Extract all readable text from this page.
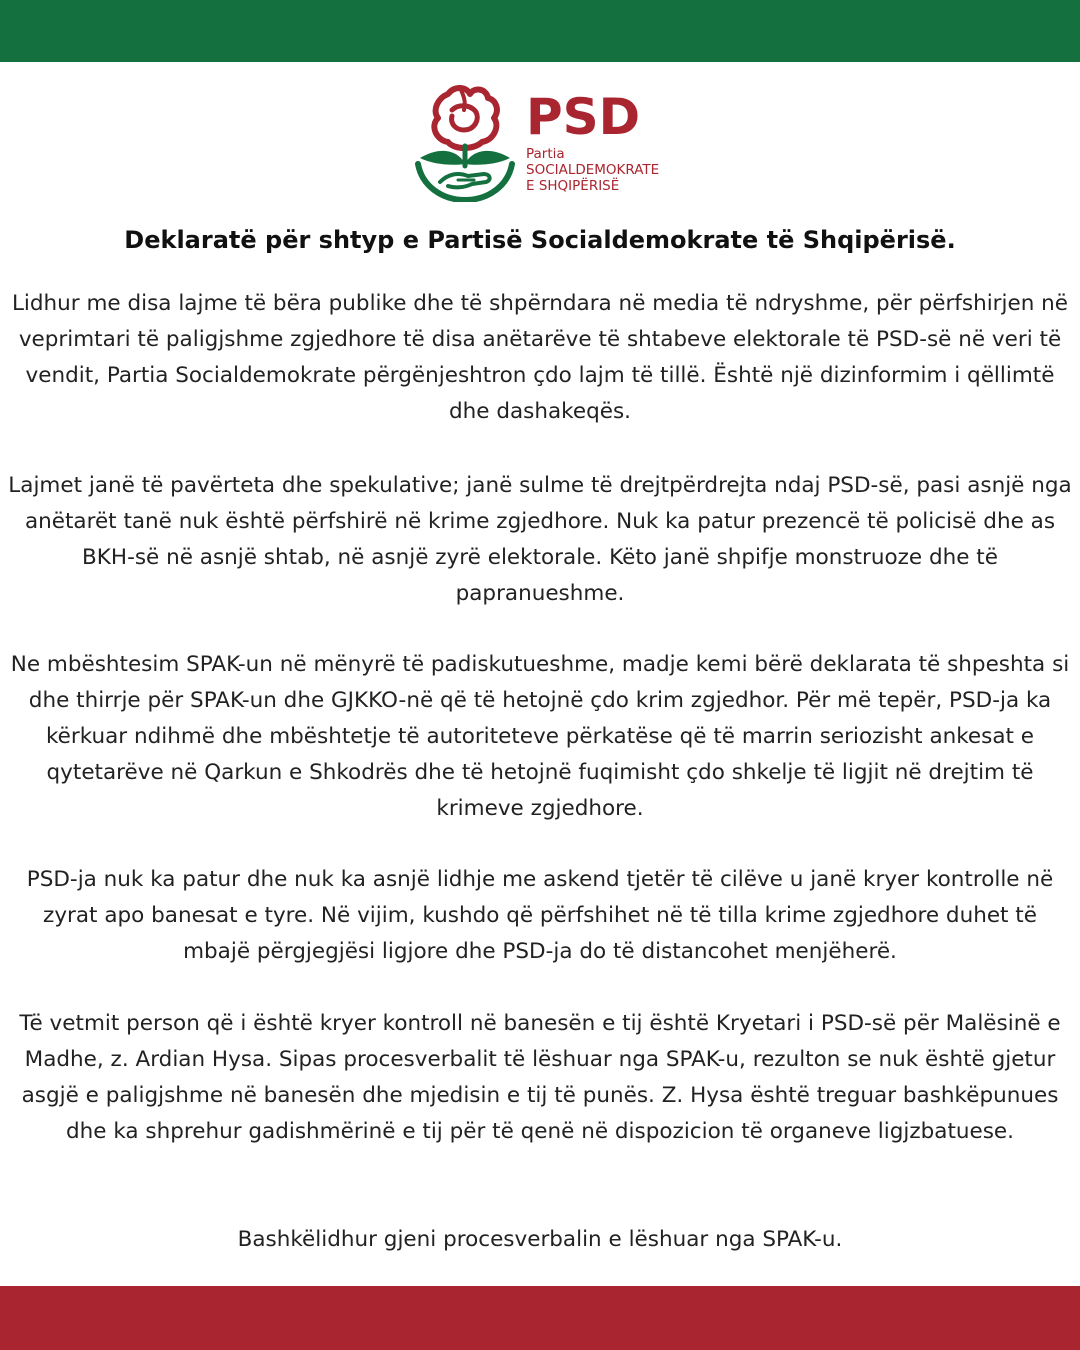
PSD
Partia
SOCIALDEMOKRATE
E SHQIPËRISË
Deklaratë për shtyp e Partisë Socialdemokrate të Shqipërisë.

Lidhur me disa lajme të bëra publike dhe të shpërndara në media të ndryshme, për përfshirjen në veprimtari të paligjshme zgjedhore të disa anëtarëve të shtabeve elektorale të PSD-së në veri të vendit, Partia Socialdemokrate përgënjeshtron çdo lajm të tillë. Është një dizinformim i qëllimtë dhe dashakeqës.

Lajmet janë të pavërteta dhe spekulative; janë sulme të drejtpërdrejta ndaj PSD-së, pasi asnjë nga anëtarët tanë nuk është përfshirë në krime zgjedhore. Nuk ka patur prezencë të policisë dhe as BKH-së në asnjë shtab, në asnjë zyrë elektorale. Këto janë shpifje monstruoze dhe të papranueshme.

Ne mbështesim SPAK-un në mënyrë të padiskutueshme, madje kemi bërë deklarata të shpeshta si dhe thirrje për SPAK-un dhe GJKKO-në që të hetojnë çdo krim zgjedhor. Për më tepër, PSD-ja ka kërkuar ndihmë dhe mbështetje të autoriteteve përkatëse që të marrin seriozisht ankesat e qytetarëve në Qarkun e Shkodrës dhe të hetojnë fuqimisht çdo shkelje të ligjit në drejtim të krimeve zgjedhore.

PSD-ja nuk ka patur dhe nuk ka asnjë lidhje me askend tjetër të cilëve u janë kryer kontrolle në zyrat apo banesat e tyre. Në vijim, kushdo që përfshihet në të tilla krime zgjedhore duhet të mbajë përgjegjësi ligjore dhe PSD-ja do të distancohet menjëherë.

Të vetmit person që i është kryer kontroll në banesën e tij është Kryetari i PSD-së për Malësinë e Madhe, z. Ardian Hysa. Sipas procesverbalit të lëshuar nga SPAK-u, rezulton se nuk është gjetur asgjë e paligjshme në banesën dhe mjedisin e tij të punës. Z. Hysa është treguar bashkëpunues dhe ka shprehur gadishmërinë e tij për të qenë në dispozicion të organeve ligjzbatuese.

Bashkëlidhur gjeni procesverbalin e lëshuar nga SPAK-u.
